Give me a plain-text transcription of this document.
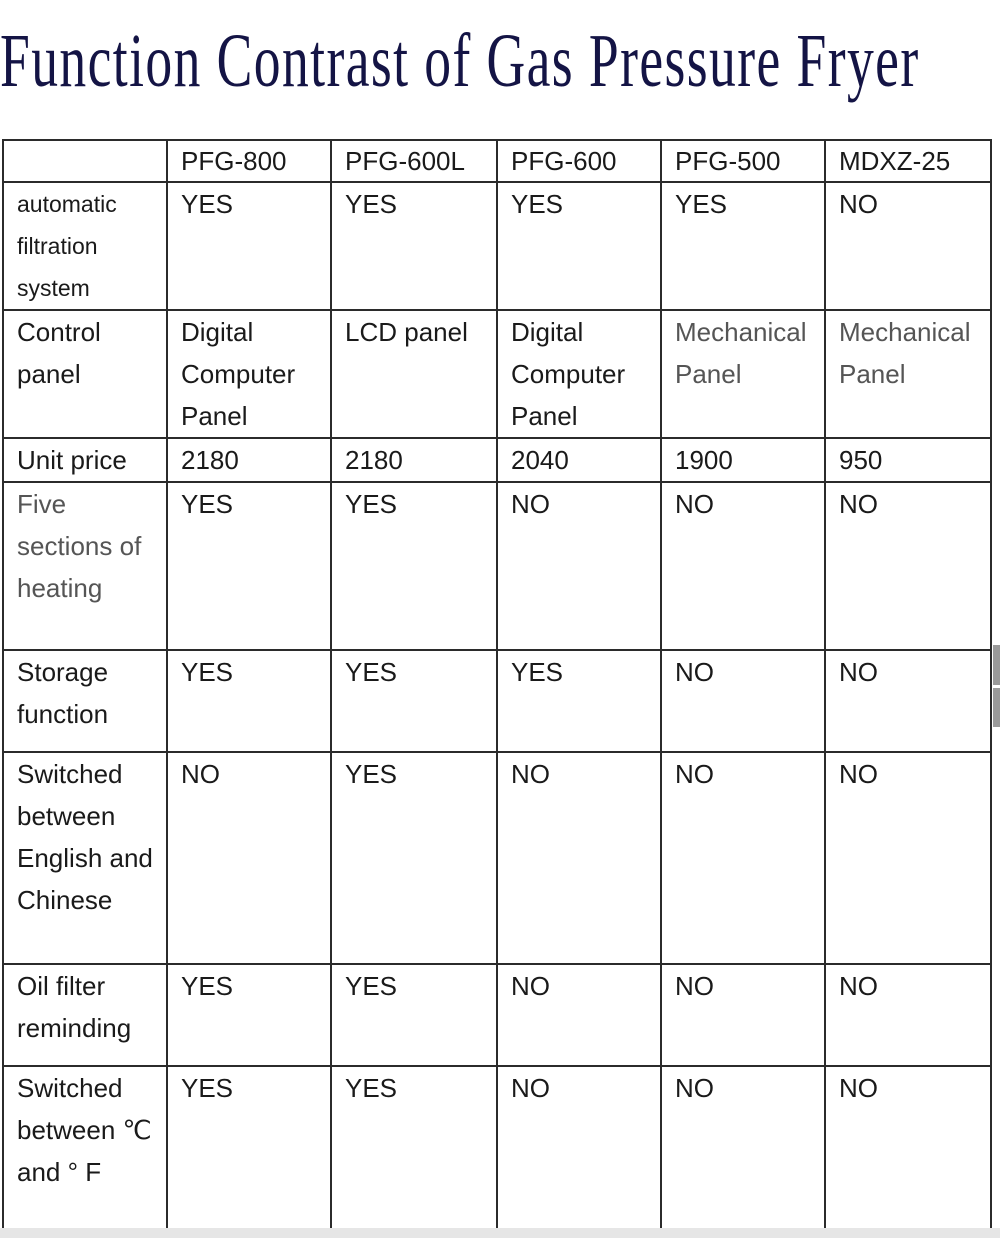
Function Contrast of Gas Pressure Fryer
	PFG-800	PFG-600L	PFG-600	PFG-500	MDXZ-25
automatic filtration system	YES	YES	YES	YES	NO
Control panel	Digital Computer Panel	LCD panel	Digital Computer Panel	Mechanical Panel	Mechanical Panel
Unit price	2180	2180	2040	1900	950
Five sections of heating	YES	YES	NO	NO	NO
Storage function	YES	YES	YES	NO	NO
Switched between English and Chinese	NO	YES	NO	NO	NO
Oil filter reminding	YES	YES	NO	NO	NO
Switched between ℃ and ° F	YES	YES	NO	NO	NO
